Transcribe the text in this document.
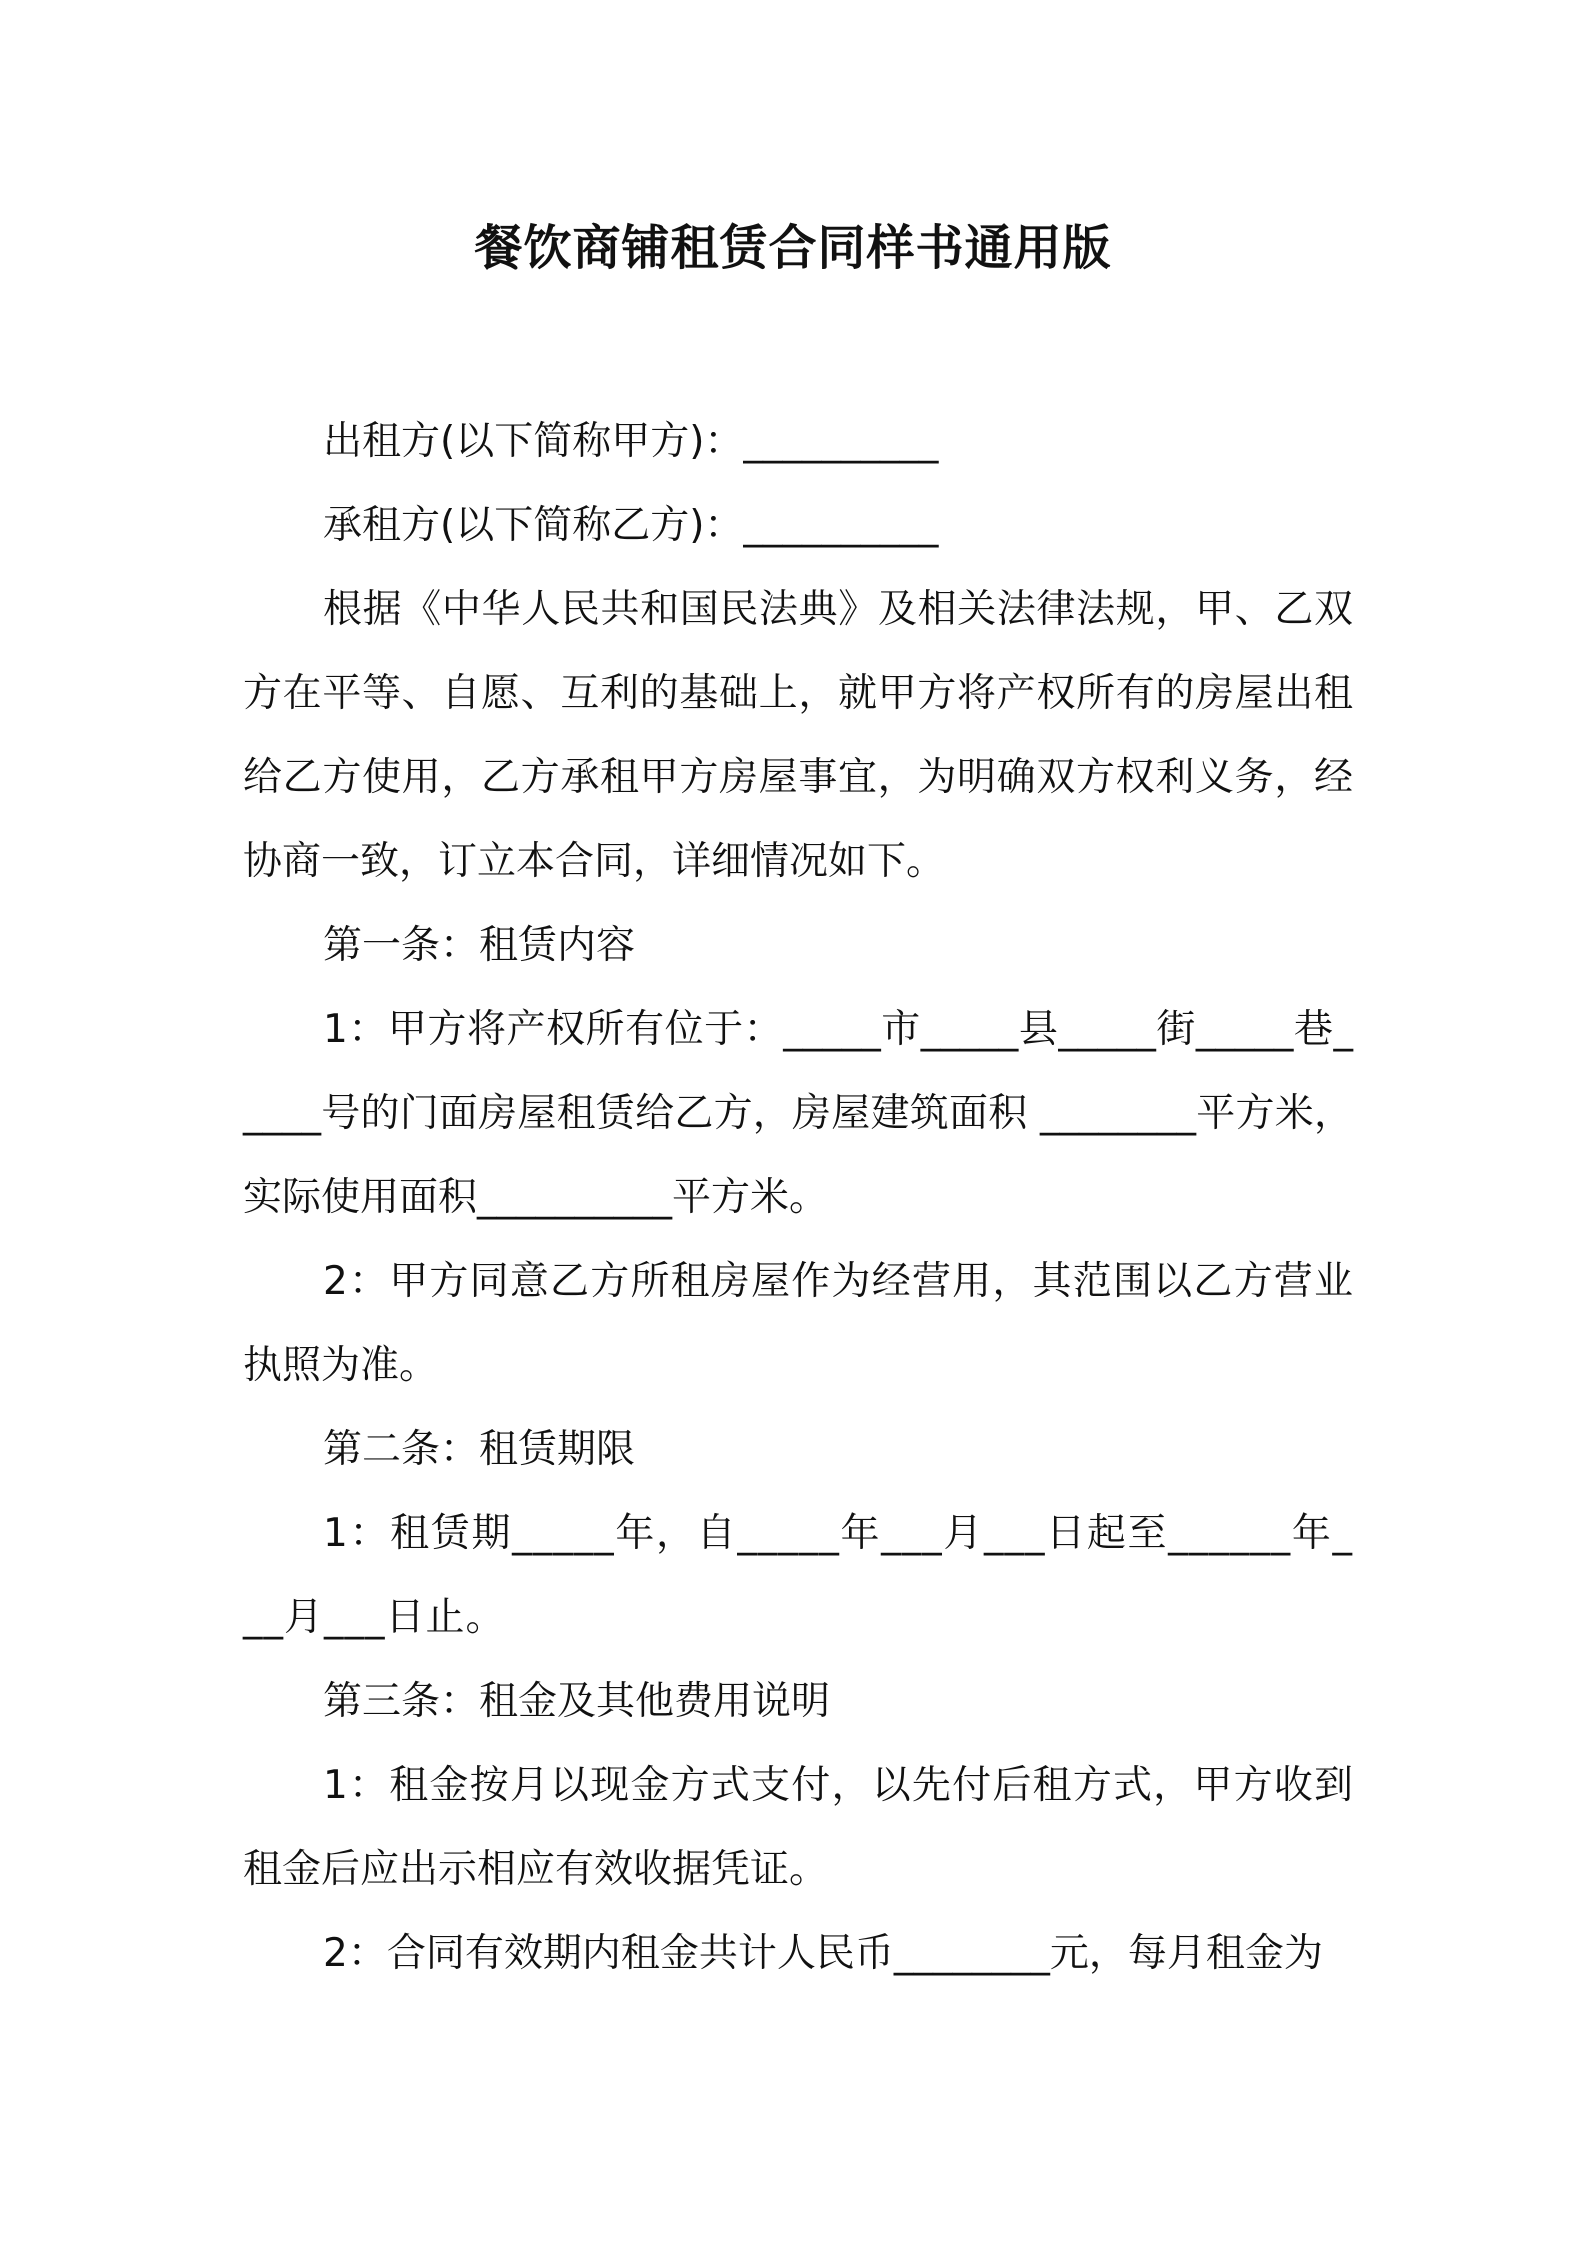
餐饮商铺租赁合同样书通用版

出租方(以下简称甲方)：__________

承租方(以下简称乙方)：__________

根据《中华人民共和国民法典》及相关法律法规，甲、乙双方在平等、自愿、互利的基础上，就甲方将产权所有的房屋出租给乙方使用，乙方承租甲方房屋事宜，为明确双方权利义务，经协商一致，订立本合同，详细情况如下。

第一条：租赁内容

1：甲方将产权所有位于：_____市_____县_____街_____巷_____号的门面房屋租赁给乙方，房屋建筑面积 ________平方米，实际使用面积__________平方米。

2：甲方同意乙方所租房屋作为经营用，其范围以乙方营业执照为准。

第二条：租赁期限

1：租赁期_____年，自_____年___月___日起至______年___月___日止。

第三条：租金及其他费用说明

1：租金按月以现金方式支付，以先付后租方式，甲方收到租金后应出示相应有效收据凭证。

2：合同有效期内租金共计人民币________元，每月租金为
